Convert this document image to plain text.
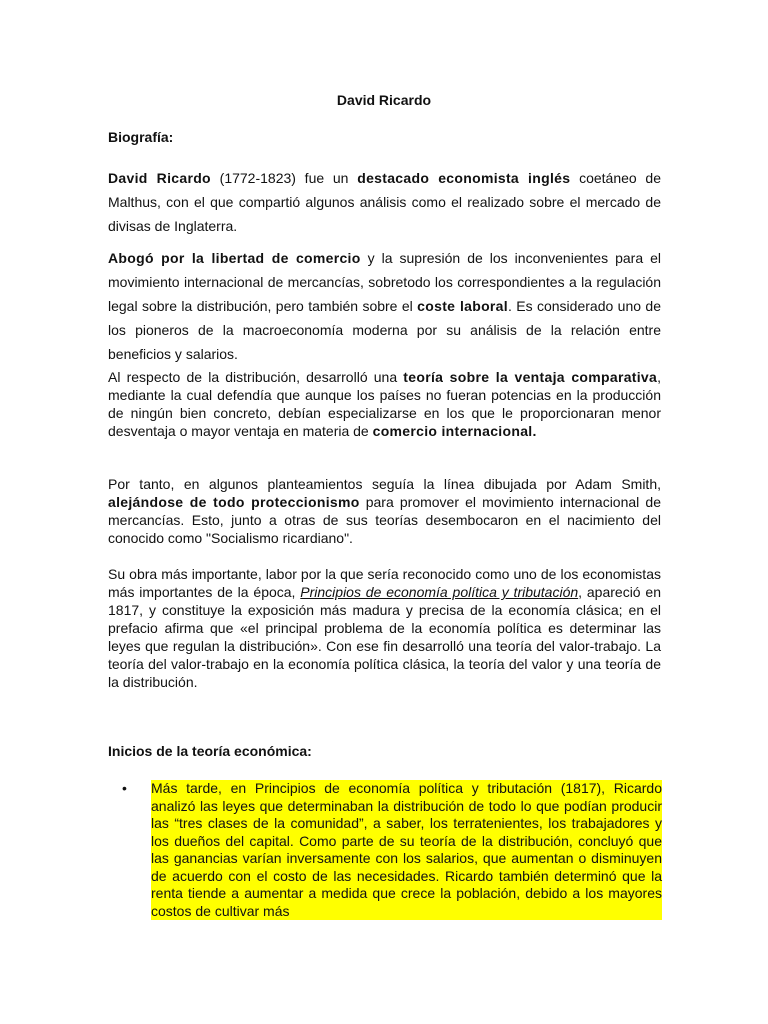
David Ricardo
Biografía:
David Ricardo (1772-1823) fue un destacado economista inglés coetáneo de Malthus, con el que compartió algunos análisis como el realizado sobre el mercado de divisas de Inglaterra.
Abogó por la libertad de comercio y la supresión de los inconvenientes para el movimiento internacional de mercancías, sobretodo los correspondientes a la regulación legal sobre la distribución, pero también sobre el coste laboral. Es considerado uno de los pioneros de la macroeconomía moderna por su análisis de la relación entre beneficios y salarios.
Al respecto de la distribución, desarrolló una teoría sobre la ventaja comparativa, mediante la cual defendía que aunque los países no fueran potencias en la producción de ningún bien concreto, debían especializarse en los que le proporcionaran menor desventaja o mayor ventaja en materia de comercio internacional.
Por tanto, en algunos planteamientos seguía la línea dibujada por Adam Smith, alejándose de todo proteccionismo para promover el movimiento internacional de mercancías. Esto, junto a otras de sus teorías desembocaron en el nacimiento del conocido como "Socialismo ricardiano".
Su obra más importante, labor por la que sería reconocido como uno de los economistas más importantes de la época, Principios de economía política y tributación, apareció en 1817, y constituye la exposición más madura y precisa de la economía clásica; en el prefacio afirma que «el principal problema de la economía política es determinar las leyes que regulan la distribución». Con ese fin desarrolló una teoría del valor-trabajo. La teoría del valor-trabajo en la economía política clásica, la teoría del valor y una teoría de la distribución.
Inicios de la teoría económica:
• Más tarde, en Principios de economía política y tributación (1817), Ricardo analizó las leyes que determinaban la distribución de todo lo que podían producir las “tres clases de la comunidad”, a saber, los terratenientes, los trabajadores y los dueños del capital. Como parte de su teoría de la distribución, concluyó que las ganancias varían inversamente con los salarios, que aumentan o disminuyen de acuerdo con el costo de las necesidades. Ricardo también determinó que la renta tiende a aumentar a medida que crece la población, debido a los mayores costos de cultivar más
